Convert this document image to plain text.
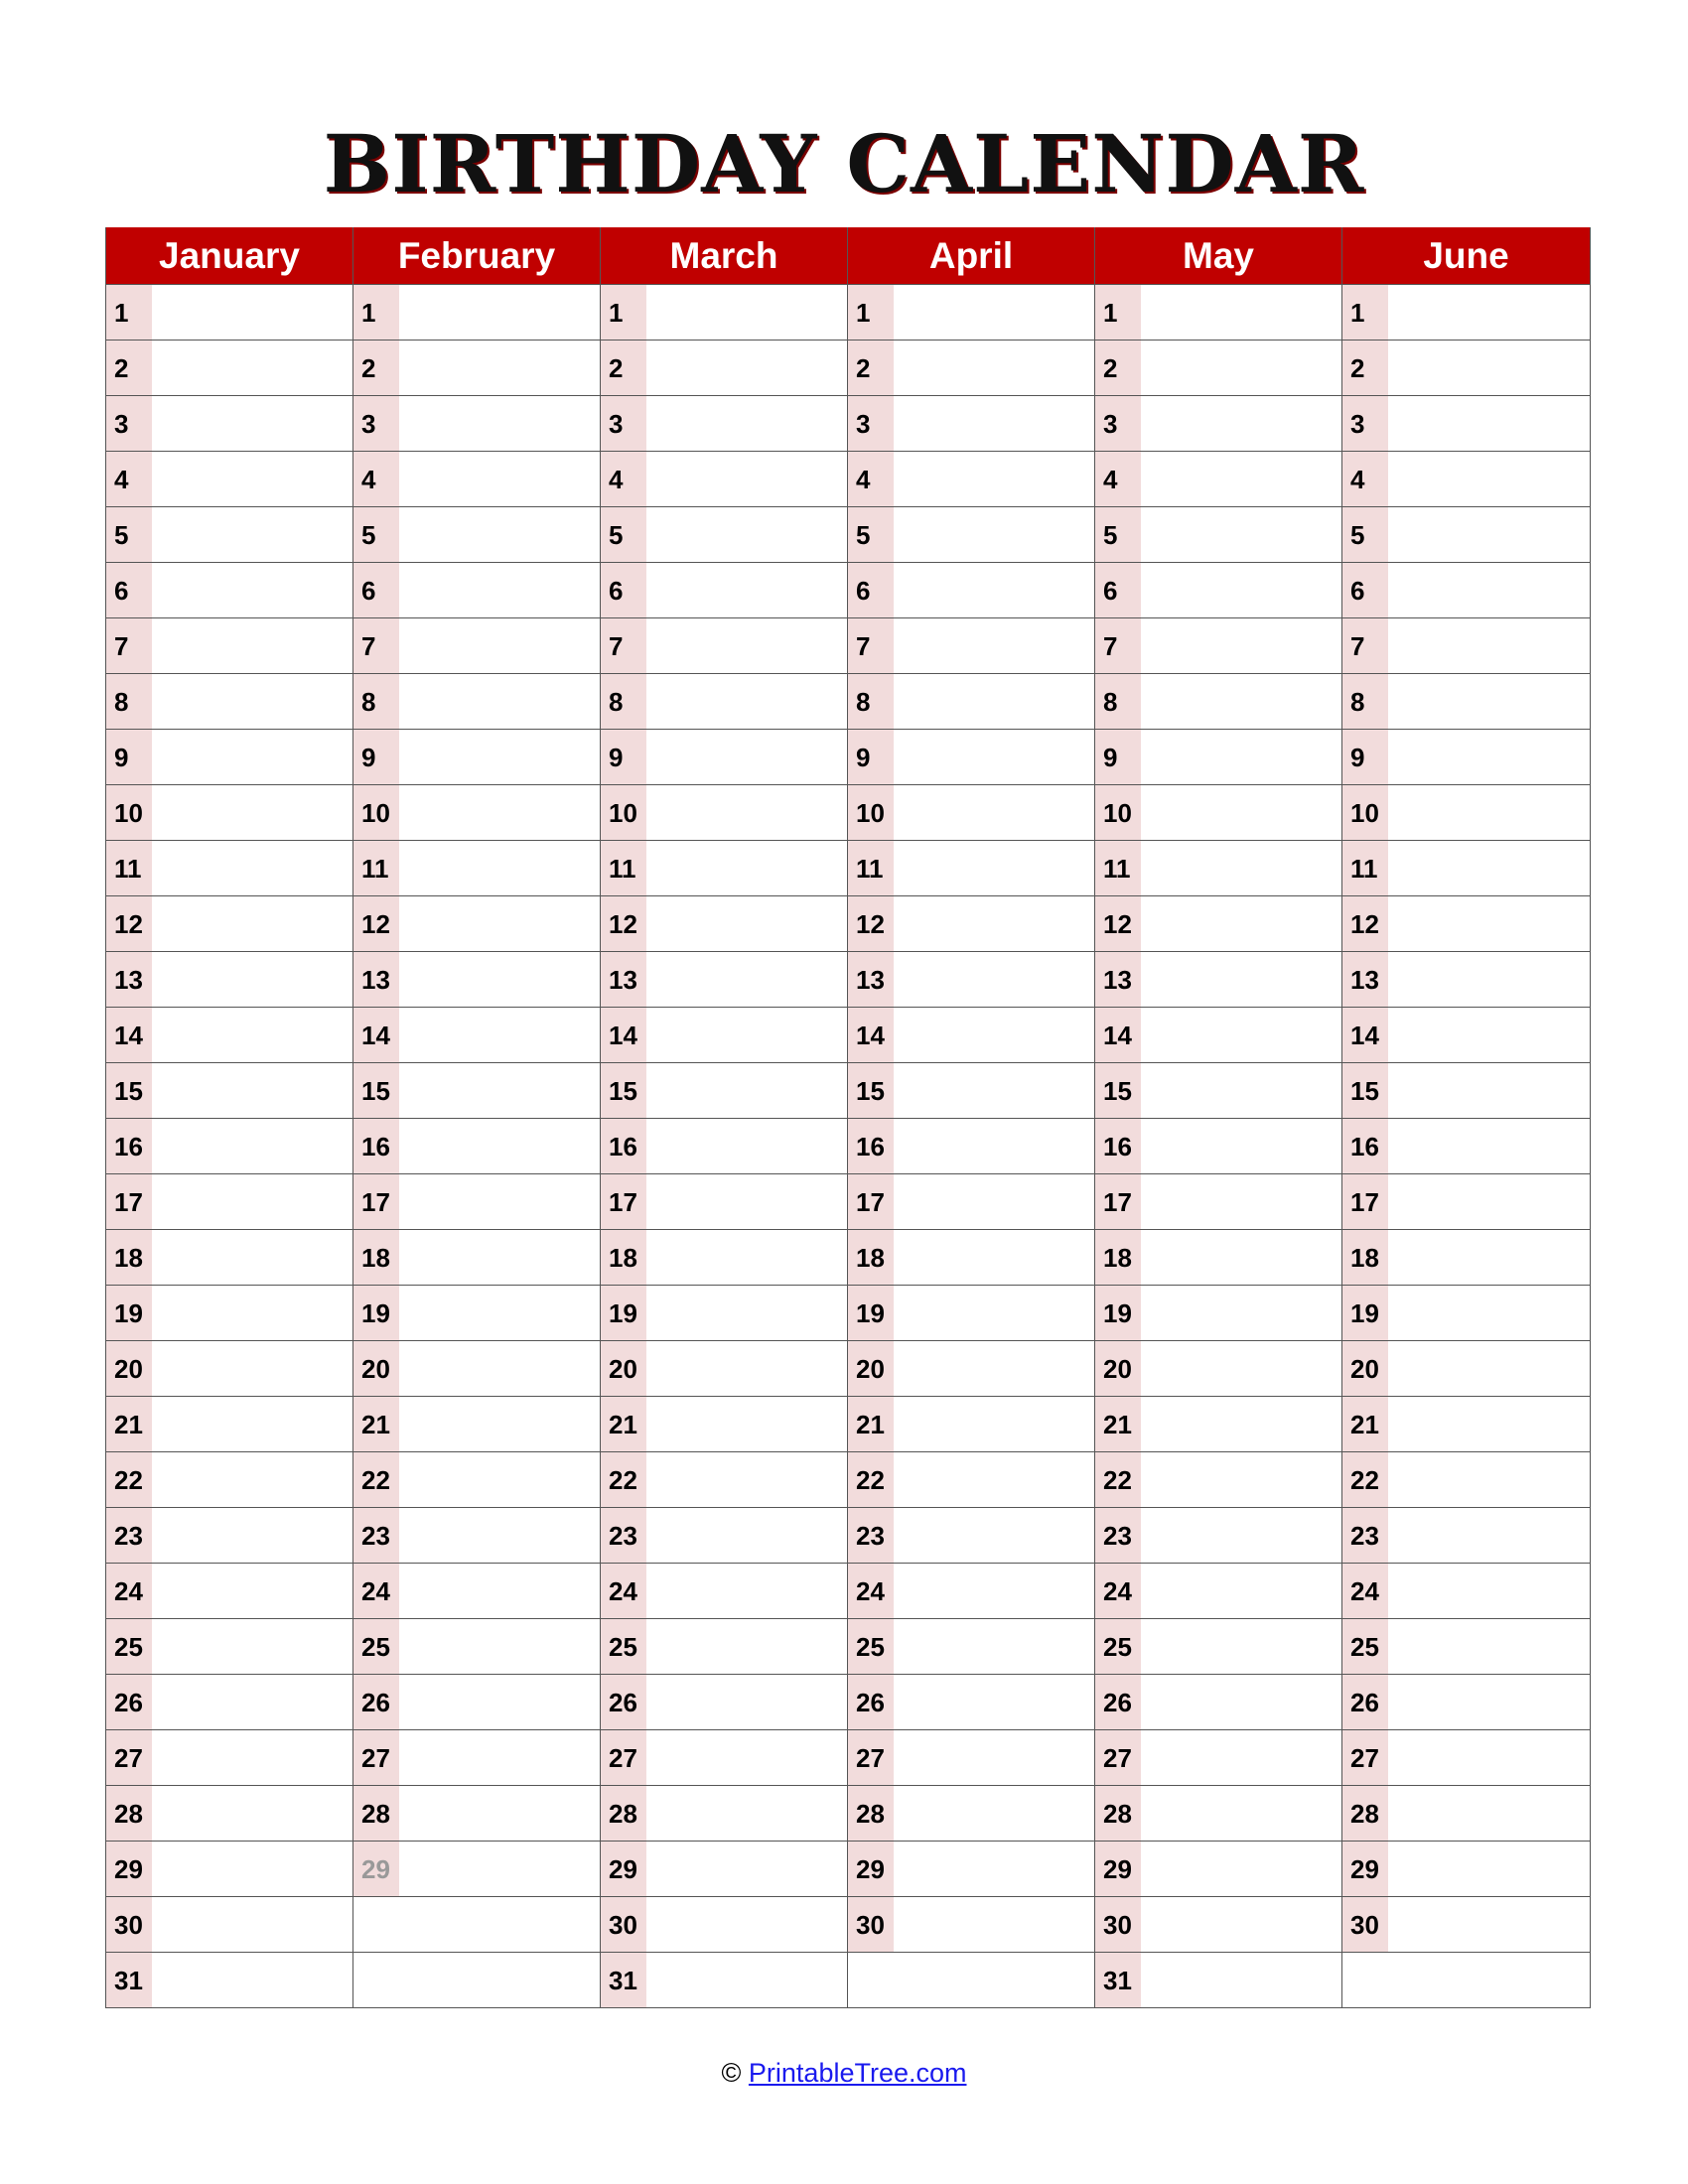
BIRTHDAY CALENDAR
January
1
2
3
4
5
6
7
8
9
10
11
12
13
14
15
16
17
18
19
20
21
22
23
24
25
26
27
28
29
30
31
February
1
2
3
4
5
6
7
8
9
10
11
12
13
14
15
16
17
18
19
20
21
22
23
24
25
26
27
28
29
March
1
2
3
4
5
6
7
8
9
10
11
12
13
14
15
16
17
18
19
20
21
22
23
24
25
26
27
28
29
30
31
April
1
2
3
4
5
6
7
8
9
10
11
12
13
14
15
16
17
18
19
20
21
22
23
24
25
26
27
28
29
30
May
1
2
3
4
5
6
7
8
9
10
11
12
13
14
15
16
17
18
19
20
21
22
23
24
25
26
27
28
29
30
31
June
1
2
3
4
5
6
7
8
9
10
11
12
13
14
15
16
17
18
19
20
21
22
23
24
25
26
27
28
29
30
© PrintableTree.com
